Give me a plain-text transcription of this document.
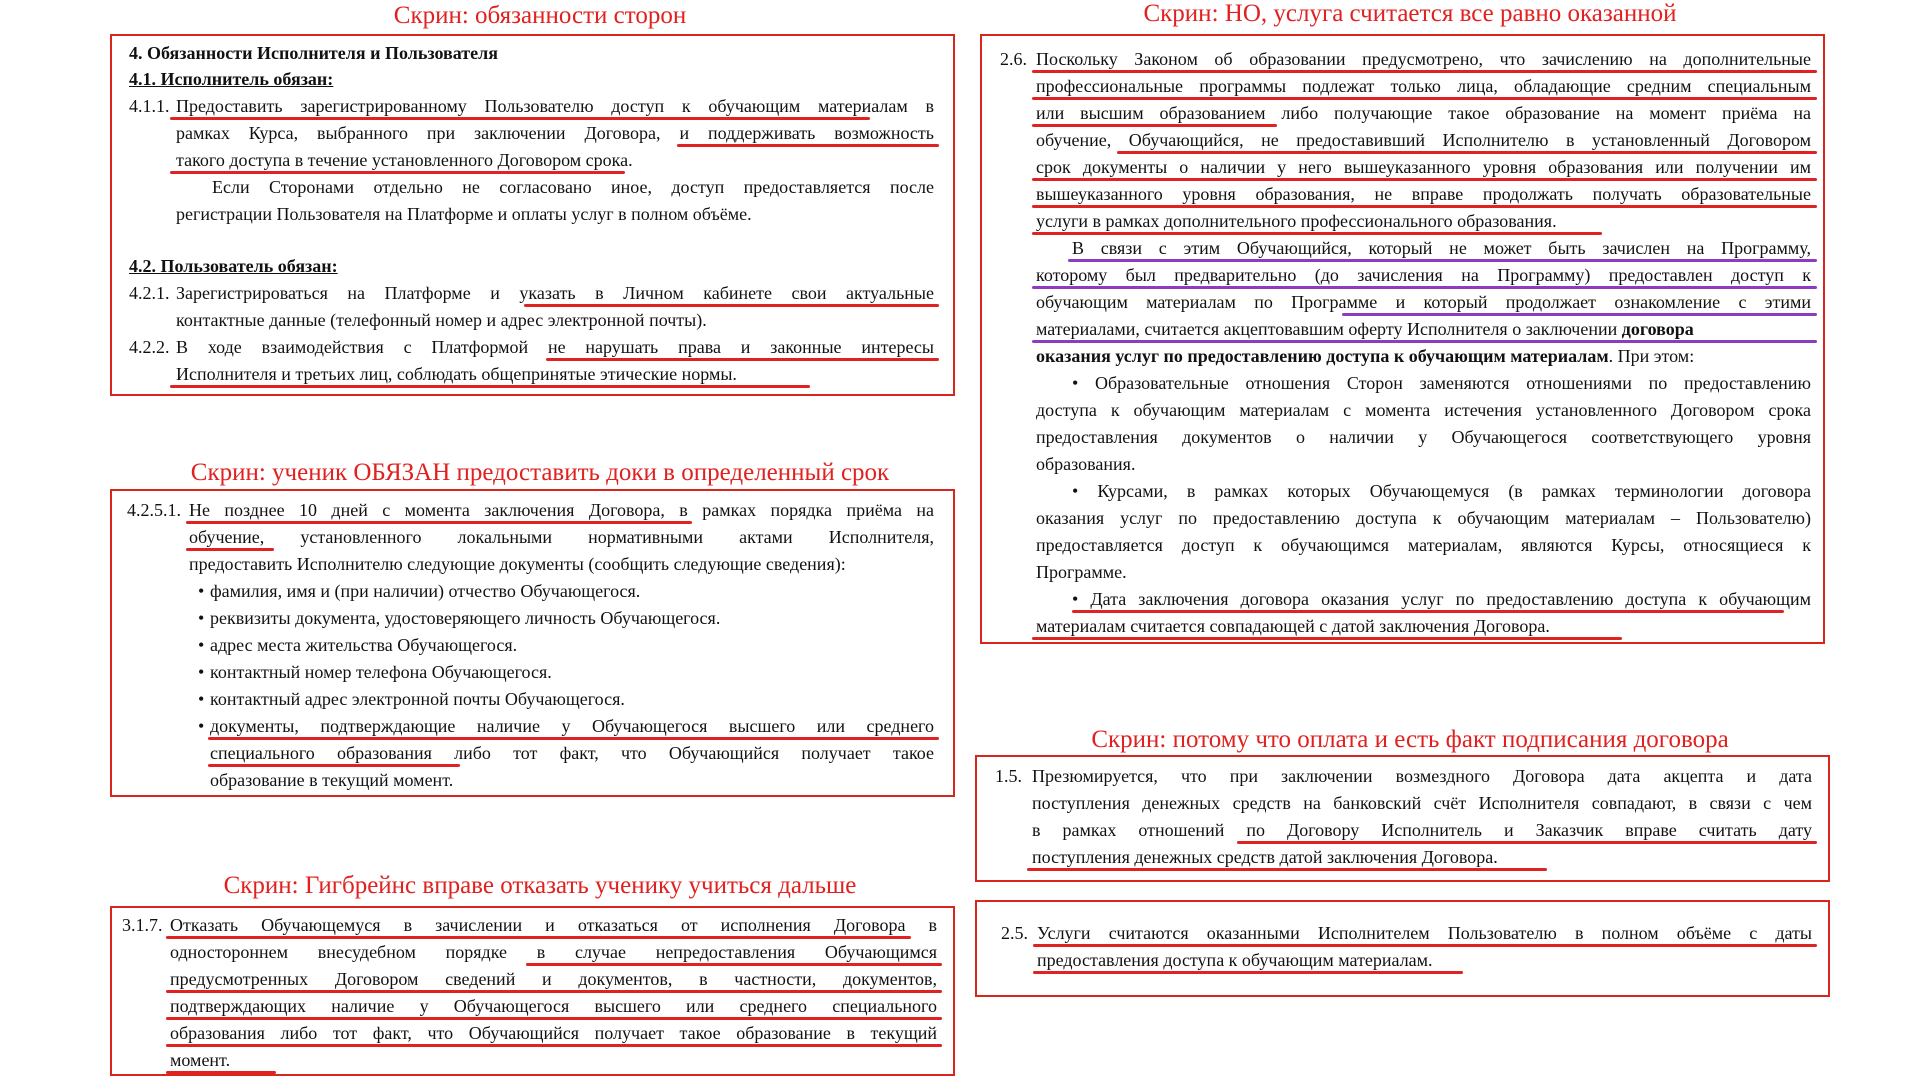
Скрин: обязанности сторон	Скрин: НО, услуга считается все равно оказанной
Скрин: ученик ОБЯЗАН предоставить доки в определенный срок
Скрин: потому что оплата и есть факт подписания договора
Скрин: Гигбрейнс вправе отказать ученику учиться дальше
4. Обязанности Исполнителя и Пользователя
4.1. Исполнитель обязан:
4.1.1. Предоставить зарегистрированному Пользователю доступ к обучающим материалам в
рамках Курса, выбранного при заключении Договора, и поддерживать возможность
такого доступа в течение установленного Договором срока.
Если Сторонами отдельно не согласовано иное, доступ предоставляется после
регистрации Пользователя на Платформе и оплаты услуг в полном объёме.
4.2. Пользователь обязан:
4.2.1. Зарегистрироваться на Платформе и указать в Личном кабинете свои актуальные
контактные данные (телефонный номер и адрес электронной почты).
4.2.2. В ходе взаимодействия с Платформой не нарушать права и законные интересы
Исполнителя и третьих лиц, соблюдать общепринятые этические нормы.
2.6. Поскольку Законом об образовании предусмотрено, что зачислению на дополнительные
профессиональные программы подлежат только лица, обладающие средним специальным
или высшим образованием либо получающие такое образование на момент приёма на
обучение, Обучающийся, не предоставивший Исполнителю в установленный Договором
срок документы о наличии у него вышеуказанного уровня образования или получении им
вышеуказанного уровня образования, не вправе продолжать получать образовательные
услуги в рамках дополнительного профессионального образования.
В связи с этим Обучающийся, который не может быть зачислен на Программу,
которому был предварительно (до зачисления на Программу) предоставлен доступ к
обучающим материалам по Программе и который продолжает ознакомление с этими
материалами, считается акцептовавшим оферту Исполнителя о заключении договора
оказания услуг по предоставлению доступа к обучающим материалам. При этом:
• Образовательные отношения Сторон заменяются отношениями по предоставлению
доступа к обучающим материалам с момента истечения установленного Договором срока
предоставления документов о наличии у Обучающегося соответствующего уровня
образования.
• Курсами, в рамках которых Обучающемуся (в рамках терминологии договора
оказания услуг по предоставлению доступа к обучающим материалам – Пользователю)
предоставляется доступ к обучающимся материалам, являются Курсы, относящиеся к
Программе.
• Дата заключения договора оказания услуг по предоставлению доступа к обучающим
материалам считается совпадающей с датой заключения Договора.
4.2.5.1. Не позднее 10 дней с момента заключения Договора, в рамках порядка приёма на
обучение, установленного локальными нормативными актами Исполнителя,
предоставить Исполнителю следующие документы (сообщить следующие сведения):
• фамилия, имя и (при наличии) отчество Обучающегося.
• реквизиты документа, удостоверяющего личность Обучающегося.
• адрес места жительства Обучающегося.
• контактный номер телефона Обучающегося.
• контактный адрес электронной почты Обучающегося.
• документы, подтверждающие наличие у Обучающегося высшего или среднего
специального образования либо тот факт, что Обучающийся получает такое
образование в текущий момент.	1.5. Презюмируется, что при заключении возмездного Договора дата акцепта и дата
поступления денежных средств на банковский счёт Исполнителя совпадают, в связи с чем
в рамках отношений по Договору Исполнитель и Заказчик вправе считать дату
поступления денежных средств датой заключения Договора.
3.1.7. Отказать Обучающемуся в зачислении и отказаться от исполнения Договора в
одностороннем внесудебном порядке в случае непредоставления Обучающимся
предусмотренных Договором сведений и документов, в частности, документов,
подтверждающих наличие у Обучающегося высшего или среднего специального
образования либо тот факт, что Обучающийся получает такое образование в текущий
момент.
2.5. Услуги считаются оказанными Исполнителем Пользователю в полном объёме с даты
предоставления доступа к обучающим материалам.
